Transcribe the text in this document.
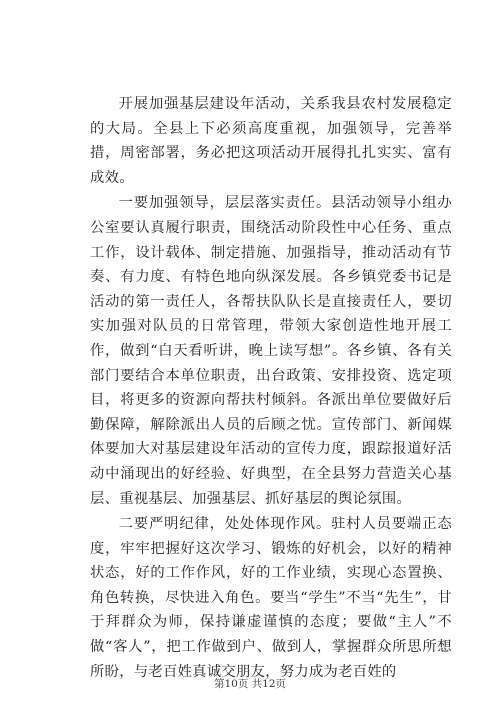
开展加强基层建设年活动，关系我县农村发展稳定的大局。全县上下必须高度重视，加强领导，完善举措，周密部署，务必把这项活动开展得扎扎实实、富有成效。

一要加强领导，层层落实责任。县活动领导小组办公室要认真履行职责，围绕活动阶段性中心任务、重点工作，设计载体、制定措施、加强指导，推动活动有节奏、有力度、有特色地向纵深发展。各乡镇党委书记是活动的第一责任人，各帮扶队队长是直接责任人，要切实加强对队员的日常管理，带领大家创造性地开展工作，做到“白天看听讲，晚上读写想”。各乡镇、各有关部门要结合本单位职责，出台政策、安排投资、选定项目，将更多的资源向帮扶村倾斜。各派出单位要做好后勤保障，解除派出人员的后顾之忧。宣传部门、新闻媒体要加大对基层建设年活动的宣传力度，跟踪报道好活动中涌现出的好经验、好典型，在全县努力营造关心基层、重视基层、加强基层、抓好基层的舆论氛围。

二要严明纪律，处处体现作风。驻村人员要端正态度，牢牢把握好这次学习、锻炼的好机会，以好的精神状态，好的工作作风，好的工作业绩，实现心态置换、角色转换，尽快进入角色。要当“学生”不当“先生”，甘于拜群众为师，保持谦虚谨慎的态度；要做“主人”不做“客人”，把工作做到户、做到人，掌握群众所思所想所盼，与老百姓真诚交朋友，努力成为老百姓的

第10页 共12页
